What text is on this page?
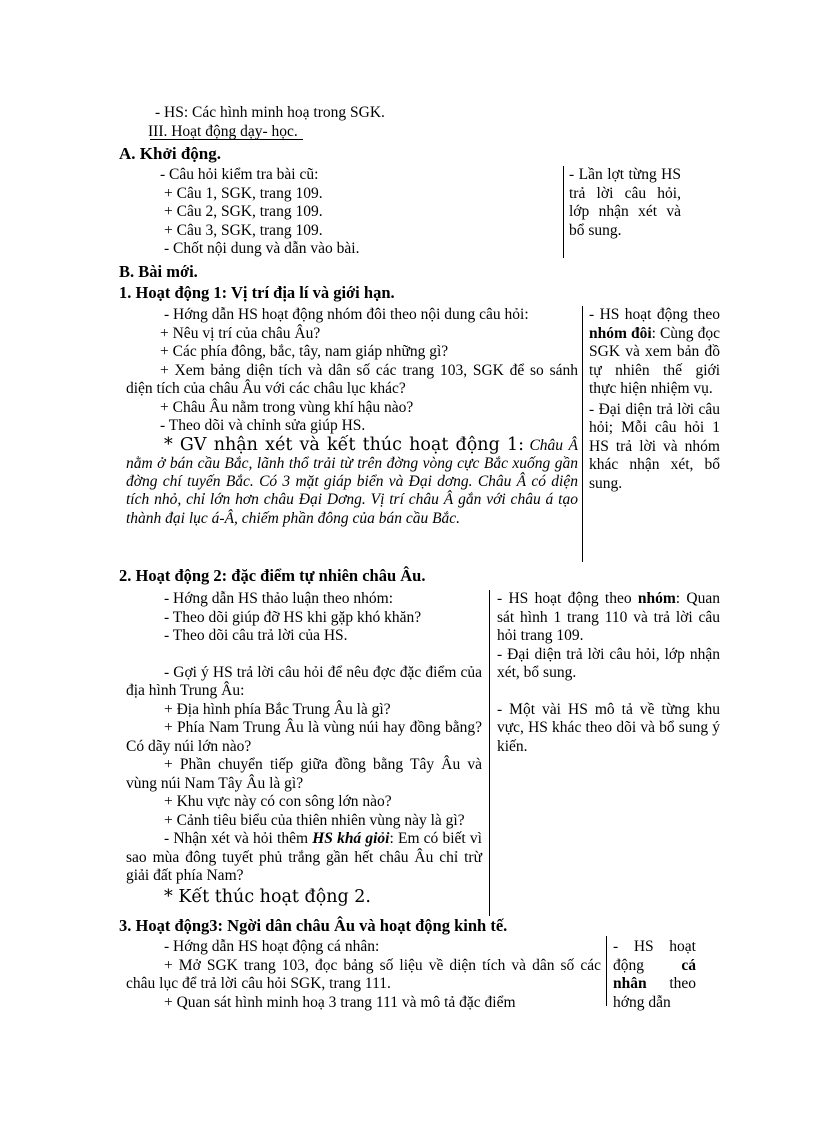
- HS: Các hình minh hoạ trong SGK.
III. Hoạt động dạy- học.
A. Khởi động.

- Câu hỏi kiểm tra bài cũ:

+ Câu 1, SGK, trang 109.

+ Câu 2, SGK, trang 109.

+ Câu 3, SGK, trang 109.

- Chốt nội dung và dẫn vào bài.

- Lần lợt từng HS trả lời câu hỏi, lớp nhận xét và bổ sung.
B. Bài mới.
1. Hoạt động 1: Vị trí địa lí và giới hạn.

- Hớng dẫn HS hoạt động nhóm đôi theo nội dung câu hỏi:

+ Nêu vị trí của châu Âu?

+ Các phía đông, bắc, tây, nam giáp những gì?

+ Xem bảng diện tích và dân số các trang 103, SGK để so sánh diện tích của châu Âu với các châu lục khác?

+ Châu Âu nằm trong vùng khí hậu nào?

- Theo dõi và chỉnh sửa giúp HS.

* GV nhận xét và kết thúc hoạt động 1: Châu Â nằm ở bán cầu Bắc, lãnh thổ trải từ trên đờng vòng cực Bắc xuống gần đờng chí tuyến Bắc. Có 3 mặt giáp biển và Đại dơng. Châu Â có diện tích nhỏ, chỉ lớn hơn châu Đại Dơng. Vị trí châu Â gắn với châu á tạo thành đại lục á-Â, chiếm phần đông của bán cầu Bắc.

- HS hoạt động theo nhóm đôi: Cùng đọc SGK và xem bản đồ tự nhiên thế giới thực hiện nhiệm vụ.

- Đại diện trả lời câu hỏi; Mỗi câu hỏi 1 HS trả lời và nhóm khác nhận xét, bổ sung.

2. Hoạt động 2: đặc điểm tự nhiên châu Âu.

- Hớng dẫn HS thảo luận theo nhóm:

- Theo dõi giúp đỡ HS khi gặp khó khăn?

- Theo dõi câu trả lời của HS.

- Gợi ý HS trả lời câu hỏi để nêu đợc đặc điểm của địa hình Trung Âu:

+ Địa hình phía Bắc Trung Âu là gì?

+ Phía Nam Trung Âu là vùng núi hay đồng bằng? Có dãy núi lớn nào?

+ Phần chuyển tiếp giữa đồng bằng Tây Âu và vùng núi Nam Tây Âu là gì?

+ Khu vực này có con sông lớn nào?

+ Cảnh tiêu biểu của thiên nhiên vùng này là gì?

- Nhận xét và hỏi thêm HS khá giỏi: Em có biết vì sao mùa đông tuyết phủ trắng gần hết châu Âu chỉ trừ giải đất phía Nam?

* Kết thúc hoạt động 2.

- HS hoạt động theo nhóm: Quan sát hình 1 trang 110 và trả lời câu hỏi trang 109.

- Đại diện trả lời câu hỏi, lớp nhận xét, bổ sung.

- Một vài HS mô tả về từng khu vực, HS khác theo dõi và bổ sung ý kiến.

3. Hoạt động3: Ngời dân châu Âu và hoạt động kinh tế.

- Hớng dẫn HS hoạt động cá nhân:

+ Mở SGK trang 103, đọc bảng số liệu về diện tích và dân số các châu lục để trả lời câu hỏi SGK, trang 111.

+ Quan sát hình minh hoạ 3 trang 111 và mô tả đặc điểm

- HS hoạt động cá nhân theo hớng dẫn
